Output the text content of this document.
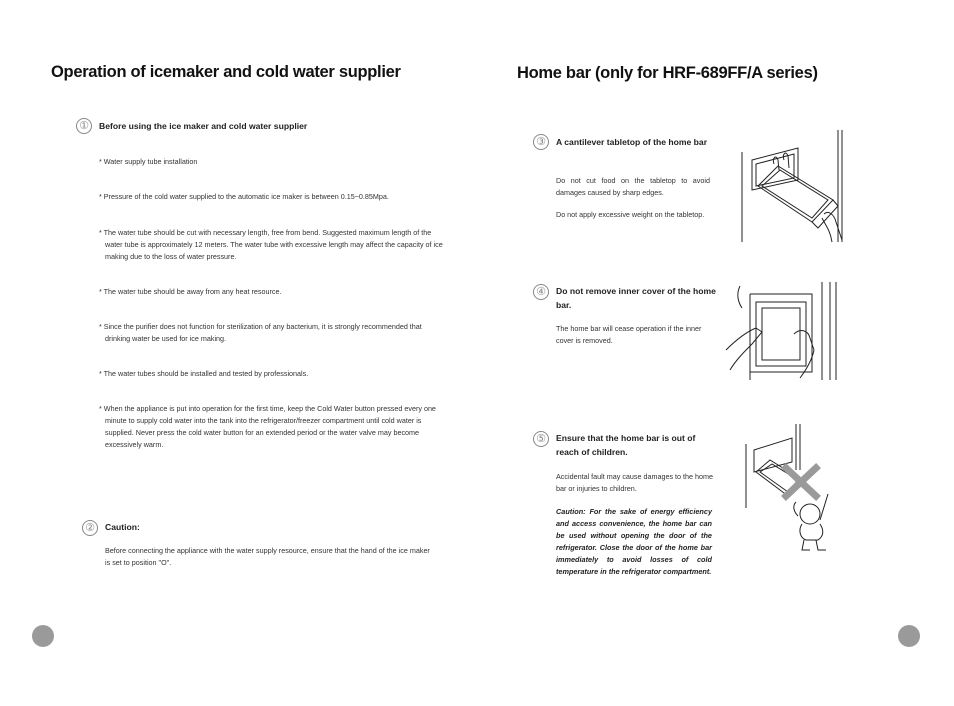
Operation of icemaker and cold water supplier
①	Before using the ice maker and cold water supplier
* Water supply tube installation
* Pressure of the cold water supplied to the automatic ice maker is between 0.15~0.85Mpa.
* The water tube should be cut with necessary length, free from bend. Suggested maximum length of the water tube is approximately 12 meters. The water tube with excessive length may affect the capacity of ice making due to the loss of water pressure.
* The water tube should be away from any heat resource.
* Since the purifier does not function for sterilization of any bacterium, it is strongly recommended that drinking water be used for ice making.
* The water tubes should be installed and tested by professionals.
* When the appliance is put into operation for the first time, keep the Cold Water button pressed every one minute to supply cold water into the tank into the refrigerator/freezer compartment until cold water is supplied. Never press the cold water button for an extended period or the water valve may become excessively warm.
②	Caution:
Before connecting the appliance with the water supply resource, ensure that the hand of the ice maker is set to position "O".
Home bar (only for HRF-689FF/A series)
③	A cantilever tabletop of the home bar
Do not cut food on the tabletop to avoid damages caused by sharp edges.
Do not apply excessive weight on the tabletop.
④	Do not remove inner cover of the home bar.
The home bar will cease operation if the inner cover is removed.
⑤	Ensure that the home bar is out of reach of children.
Accidental fault may cause damages to the home bar or injuries to children.
Caution: For the sake of energy efficiency and access convenience, the home bar can be used without opening the door of the refrigerator. Close the door of the home bar immediately to avoid losses of cold temperature in the refrigerator compartment.
